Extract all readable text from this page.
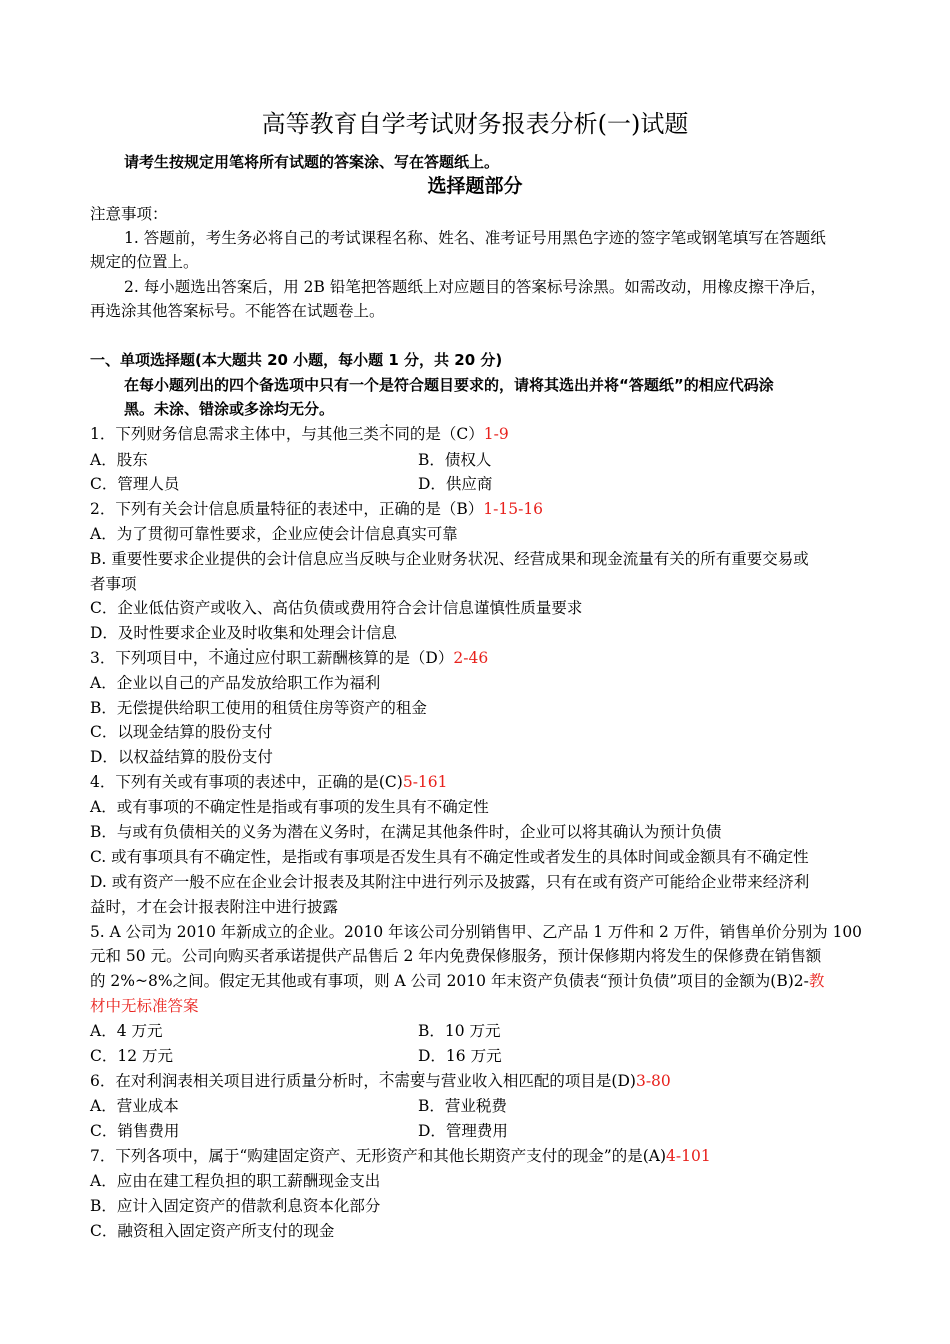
高等教育自学考试财务报表分析(一)试题
请考生按规定用笔将所有试题的答案涂、写在答题纸上。
选择题部分
注意事项：
1. 答题前，考生务必将自己的考试课程名称、姓名、准考证号用黑色字迹的签字笔或钢笔填写在答题纸
规定的位置上。
2. 每小题选出答案后，用 2B 铅笔把答题纸上对应题目的答案标号涂黑。如需改动，用橡皮擦干净后，
再选涂其他答案标号。不能答在试题卷上。
一、单项选择题(本大题共 20 小题，每小题 1 分，共 20 分)
在每小题列出的四个备选项中只有一个是符合题目要求的，请将其选出并将“答题纸”的相应代码涂
黑。未涂、错涂或多涂均无分。
1．下列财务信息需求主体中，与其他三类不同的是（C）1-9
A．股东	B．债权人
C．管理人员	D．供应商
2．下列有关会计信息质量特征的表述中，正确的是（B）1-15-16
A．为了贯彻可靠性要求，企业应使会计信息真实可靠
B. 重要性要求企业提供的会计信息应当反映与企业财务状况、经营成果和现金流量有关的所有重要交易或
者事项
C．企业低估资产或收入、高估负债或费用符合会计信息谨慎性质量要求
D．及时性要求企业及时收集和处理会计信息
3．下列项目中，不通过应付职工薪酬核算的是（D）2-46
A．企业以自己的产品发放给职工作为福利
B．无偿提供给职工使用的租赁住房等资产的租金
C．以现金结算的股份支付
D．以权益结算的股份支付
4．下列有关或有事项的表述中，正确的是(C)5-161
A．或有事项的不确定性是指或有事项的发生具有不确定性
B．与或有负债相关的义务为潜在义务时，在满足其他条件时，企业可以将其确认为预计负债
C. 或有事项具有不确定性，是指或有事项是否发生具有不确定性或者发生的具体时间或金额具有不确定性
D. 或有资产一般不应在企业会计报表及其附注中进行列示及披露，只有在或有资产可能给企业带来经济利
益时，才在会计报表附注中进行披露
5. A 公司为 2010 年新成立的企业。2010 年该公司分别销售甲、乙产品 1 万件和 2 万件，销售单价分别为 100
元和 50 元。公司向购买者承诺提供产品售后 2 年内免费保修服务，预计保修期内将发生的保修费在销售额
的 2%~8%之间。假定无其他或有事项，则 A 公司 2010 年末资产负债表“预计负债”项目的金额为(B)2-教
材中无标准答案
A．4 万元	B．10 万元
C．12 万元	D．16 万元
6．在对利润表相关项目进行质量分析时，不需要与营业收入相匹配的项目是(D)3-80
A．营业成本	B．营业税费
C．销售费用	D．管理费用
7．下列各项中，属于“购建固定资产、无形资产和其他长期资产支付的现金”的是(A)4-101
A．应由在建工程负担的职工薪酬现金支出
B．应计入固定资产的借款利息资本化部分
C．融资租入固定资产所支付的现金
